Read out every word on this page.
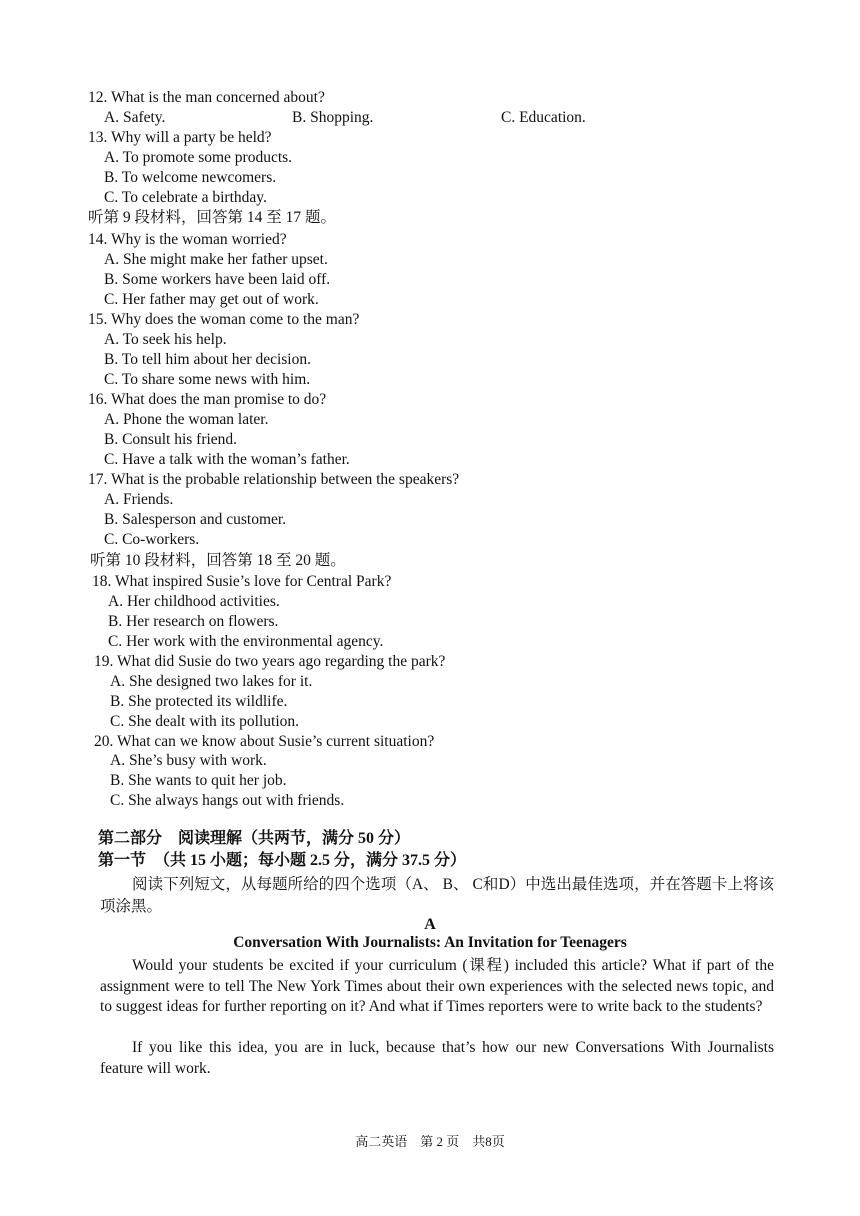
12. What is the man concerned about?

A. Safety.	B. Shopping.	C. Education.

13. Why will a party be held?

A. To promote some products.

B. To welcome newcomers.

C. To celebrate a birthday.

听第 9 段材料，回答第 14 至 17 题。

14. Why is the woman worried?

A. She might make her father upset.

B. Some workers have been laid off.

C. Her father may get out of work.

15. Why does the woman come to the man?

A. To seek his help.

B. To tell him about her decision.

C. To share some news with him.

16. What does the man promise to do?

A. Phone the woman later.

B. Consult his friend.

C. Have a talk with the woman’s father.

17. What is the probable relationship between the speakers?

A. Friends.

B. Salesperson and customer.

C. Co-workers.

听第 10 段材料，回答第 18 至 20 题。

18. What inspired Susie’s love for Central Park?

A. Her childhood activities.

B. Her research on flowers.

C. Her work with the environmental agency.

19. What did Susie do two years ago regarding the park?

A. She designed two lakes for it.

B. She protected its wildlife.

C. She dealt with its pollution.

20. What can we know about Susie’s current situation?

A. She’s busy with work.

B. She wants to quit her job.

C. She always hangs out with friends.

第二部分　阅读理解（共两节，满分 50 分）
第一节　（共 15 小题；每小题 2.5 分，满分 37.5 分）

阅读下列短文，从每题所给的四个选项（A、 B、 C和D）中选出最佳选项，并在答题卡上将该项涂黑。

A
Conversation With Journalists: An Invitation for Teenagers

Would your students be excited if your curriculum (课程) included this article? What if part of the assignment were to tell The New York Times about their own experiences with the selected news topic, and to suggest ideas for further reporting on it? And what if Times reporters were to write back to the students?

If you like this idea, you are in luck, because that’s how our new Conversations With Journalists feature will work.

高二英语　第 2 页　共8页
